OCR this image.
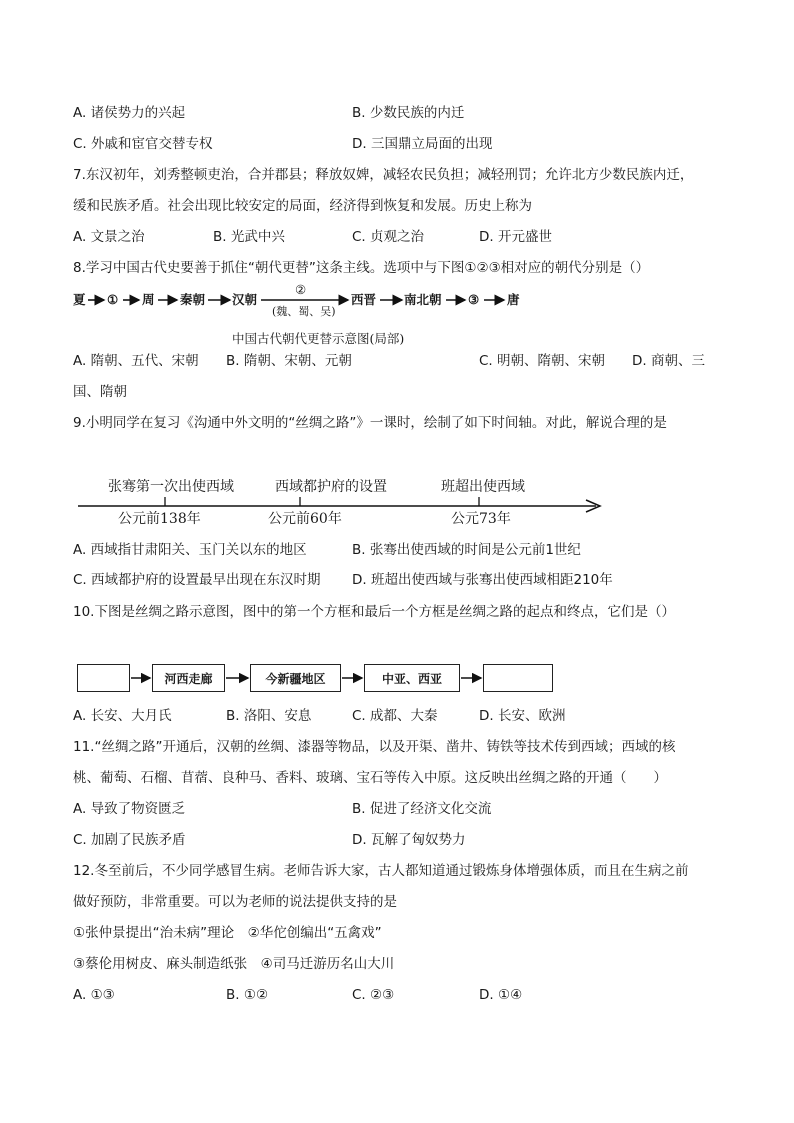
A. 诸侯势力的兴起	B. 少数民族的内迁
C. 外戚和宦官交替专权	D. 三国鼎立局面的出现
7.东汉初年，刘秀整顿吏治，合并郡县；释放奴婢，减轻农民负担；减轻刑罚；允许北方少数民族内迁，
缓和民族矛盾。社会出现比较安定的局面，经济得到恢复和发展。历史上称为
A. 文景之治	B. 光武中兴	C. 贞观之治	D. 开元盛世
8.学习中国古代史要善于抓住“朝代更替”这条主线。选项中与下图①②③相对应的朝代分别是（）
夏 ① 周 秦朝 汉朝
②
(魏、蜀、吴)
西晋 南北朝 ③ 唐
中国古代朝代更替示意图(局部)
A. 隋朝、五代、宋朝 B. 隋朝、宋朝、元朝	C. 明朝、隋朝、宋朝 D. 商朝、三
国、隋朝
9.小明同学在复习《沟通中外文明的“丝绸之路”》一课时，绘制了如下时间轴。对此，解说合理的是
张骞第一次出使西域	西域都护府的设置	班超出使西域
公元前138年	公元前60年	公元73年
A. 西域指甘肃阳关、玉门关以东的地区	B. 张骞出使西域的时间是公元前1世纪
C. 西域都护府的设置最早出现在东汉时期 D. 班超出使西域与张骞出使西域相距210年
10.下图是丝绸之路示意图，图中的第一个方框和最后一个方框是丝绸之路的起点和终点，它们是（）
河西走廊	今新疆地区	中亚、西亚
A. 长安、大月氏	B. 洛阳、安息	C. 成都、大秦	D. 长安、欧洲
11.“丝绸之路”开通后，汉朝的丝绸、漆器等物品，以及开渠、凿井、铸铁等技术传到西域；西域的核
桃、葡萄、石榴、苜蓿、良种马、香料、玻璃、宝石等传入中原。这反映出丝绸之路的开通（　　）
A. 导致了物资匮乏	B. 促进了经济文化交流
C. 加剧了民族矛盾	D. 瓦解了匈奴势力
12.冬至前后，不少同学感冒生病。老师告诉大家，古人都知道通过锻炼身体增强体质，而且在生病之前
做好预防，非常重要。可以为老师的说法提供支持的是
①张仲景提出“治未病”理论　②华佗创编出“五禽戏”
③蔡伦用树皮、麻头制造纸张　④司马迁游历名山大川
A. ①③	B. ①②	C. ②③	D. ①④
